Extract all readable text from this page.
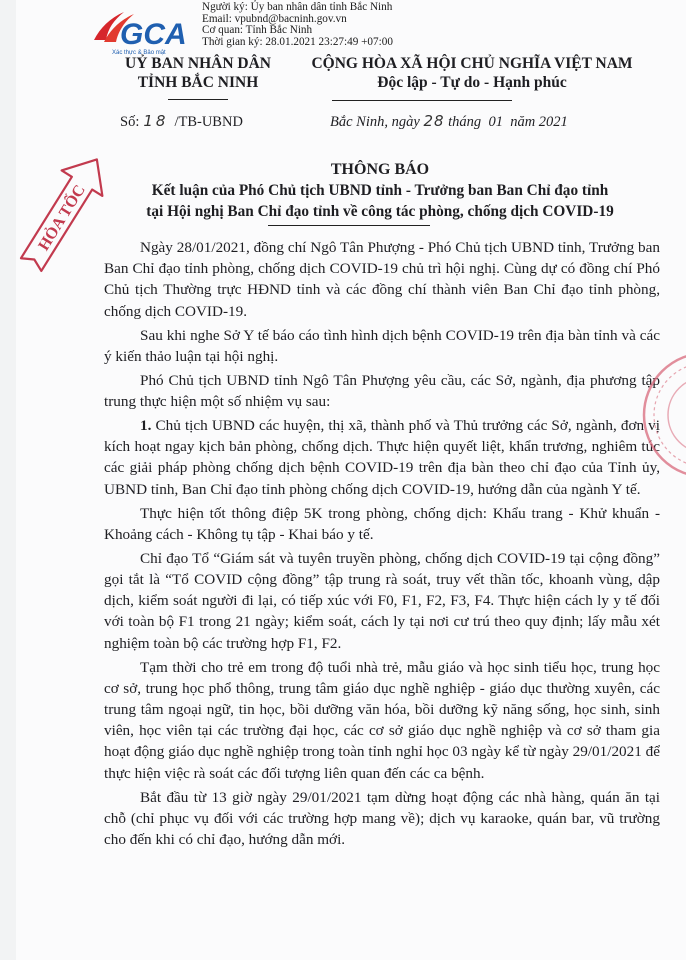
GCA
Xác thực & Bảo mật
Người ký: Ủy ban nhân dân tỉnh Bắc Ninh
Email: vpubnd@bacninh.gov.vn
Cơ quan: Tỉnh Bắc Ninh
Thời gian ký: 28.01.2021 23:27:49 +07:00
UỶ BAN NHÂN DÂN
TỈNH BẮC NINH
CỘNG HÒA XÃ HỘI CHỦ NGHĨA VIỆT NAM
Độc lập - Tự do - Hạnh phúc
Số: 18 /TB-UBND	Bắc Ninh, ngày 28 tháng 01 năm 2021
HỎA TỐC
THÔNG BÁO
Kết luận của Phó Chủ tịch UBND tỉnh - Trưởng ban Ban Chỉ đạo tỉnh
tại Hội nghị Ban Chỉ đạo tỉnh về công tác phòng, chống dịch COVID-19

Ngày 28/01/2021, đồng chí Ngô Tân Phượng - Phó Chủ tịch UBND tỉnh, Trưởng ban Ban Chỉ đạo tỉnh phòng, chống dịch COVID-19 chủ trì hội nghị. Cùng dự có đồng chí Phó Chủ tịch Thường trực HĐND tỉnh và các đồng chí thành viên Ban Chỉ đạo tỉnh phòng, chống dịch COVID-19.

Sau khi nghe Sở Y tế báo cáo tình hình dịch bệnh COVID-19 trên địa bàn tỉnh và các ý kiến thảo luận tại hội nghị.

Phó Chủ tịch UBND tỉnh Ngô Tân Phượng yêu cầu, các Sở, ngành, địa phương tập trung thực hiện một số nhiệm vụ sau:

1. Chủ tịch UBND các huyện, thị xã, thành phố và Thủ trưởng các Sở, ngành, đơn vị kích hoạt ngay kịch bản phòng, chống dịch. Thực hiện quyết liệt, khẩn trương, nghiêm túc các giải pháp phòng chống dịch bệnh COVID-19 trên địa bàn theo chỉ đạo của Tỉnh ủy, UBND tỉnh, Ban Chỉ đạo tỉnh phòng chống dịch COVID-19, hướng dẫn của ngành Y tế.

Thực hiện tốt thông điệp 5K trong phòng, chống dịch: Khẩu trang - Khử khuẩn - Khoảng cách - Không tụ tập - Khai báo y tế.

Chỉ đạo Tổ “Giám sát và tuyên truyền phòng, chống dịch COVID-19 tại cộng đồng” gọi tắt là “Tổ COVID cộng đồng” tập trung rà soát, truy vết thần tốc, khoanh vùng, dập dịch, kiểm soát người đi lại, có tiếp xúc với F0, F1, F2, F3, F4. Thực hiện cách ly y tế đối với toàn bộ F1 trong 21 ngày; kiểm soát, cách ly tại nơi cư trú theo quy định; lấy mẫu xét nghiệm toàn bộ các trường hợp F1, F2.

Tạm thời cho trẻ em trong độ tuổi nhà trẻ, mẫu giáo và học sinh tiểu học, trung học cơ sở, trung học phổ thông, trung tâm giáo dục nghề nghiệp - giáo dục thường xuyên, các trung tâm ngoại ngữ, tin học, bồi dưỡng văn hóa, bồi dưỡng kỹ năng sống, học sinh, sinh viên, học viên tại các trường đại học, các cơ sở giáo dục nghề nghiệp và cơ sở tham gia hoạt động giáo dục nghề nghiệp trong toàn tỉnh nghỉ học 03 ngày kể từ ngày 29/01/2021 để thực hiện việc rà soát các đối tượng liên quan đến các ca bệnh.

Bắt đầu từ 13 giờ ngày 29/01/2021 tạm dừng hoạt động các nhà hàng, quán ăn tại chỗ (chỉ phục vụ đối với các trường hợp mang về); dịch vụ karaoke, quán bar, vũ trường cho đến khi có chỉ đạo, hướng dẫn mới.
